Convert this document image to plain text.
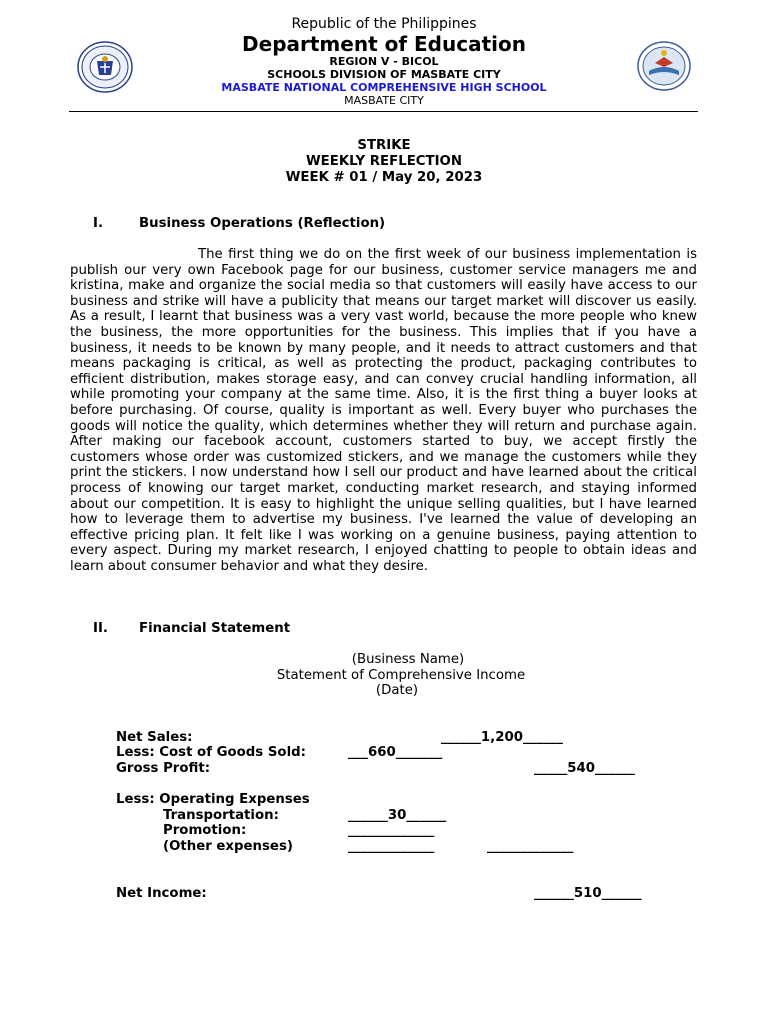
Republic of the Philippines
Department of Education
REGION V - BICOL
SCHOOLS DIVISION OF MASBATE CITY
MASBATE NATIONAL COMPREHENSIVE HIGH SCHOOL
MASBATE CITY
STRIKE
WEEKLY REFLECTION
WEEK # 01 / May 20, 2023
I.	Business Operations (Reflection)
The first thing we do on the first week of our business implementation is publish our very own Facebook page for our business, customer service managers me and kristina, make and organize the social media so that customers will easily have access to our business and strike will have a publicity that means our target market will discover us easily. As a result, I learnt that business was a very vast world, because the more people who knew the business, the more opportunities for the business. This implies that if you have a business, it needs to be known by many people, and it needs to attract customers and that means packaging is critical, as well as protecting the product, packaging contributes to efficient distribution, makes storage easy, and can convey crucial handling information, all while promoting your company at the same time. Also, it is the first thing a buyer looks at before purchasing. Of course, quality is important as well. Every buyer who purchases the goods will notice the quality, which determines whether they will return and purchase again. After making our facebook account, customers started to buy, we accept firstly the customers whose order was customized stickers, and we manage the customers while they print the stickers. I now understand how I sell our product and have learned about the critical process of knowing our target market, conducting market research, and staying informed about our competition. It is easy to highlight the unique selling qualities, but I have learned how to leverage them to advertise my business. I've learned the value of developing an effective pricing plan. It felt like I was working on a genuine business, paying attention to every aspect. During my market research, I enjoyed chatting to people to obtain ideas and learn about consumer behavior and what they desire.
II. Financial Statement
(Business Name)
Statement of Comprehensive Income
(Date)
Net Sales:	______1,200______
Less: Cost of Goods Sold:	___660_______
Gross Profit:	_____540______
Less: Operating Expenses
Transportation:	______30______
Promotion:	_____________
(Other expenses)	_____________	_____________
Net Income:	______510______
